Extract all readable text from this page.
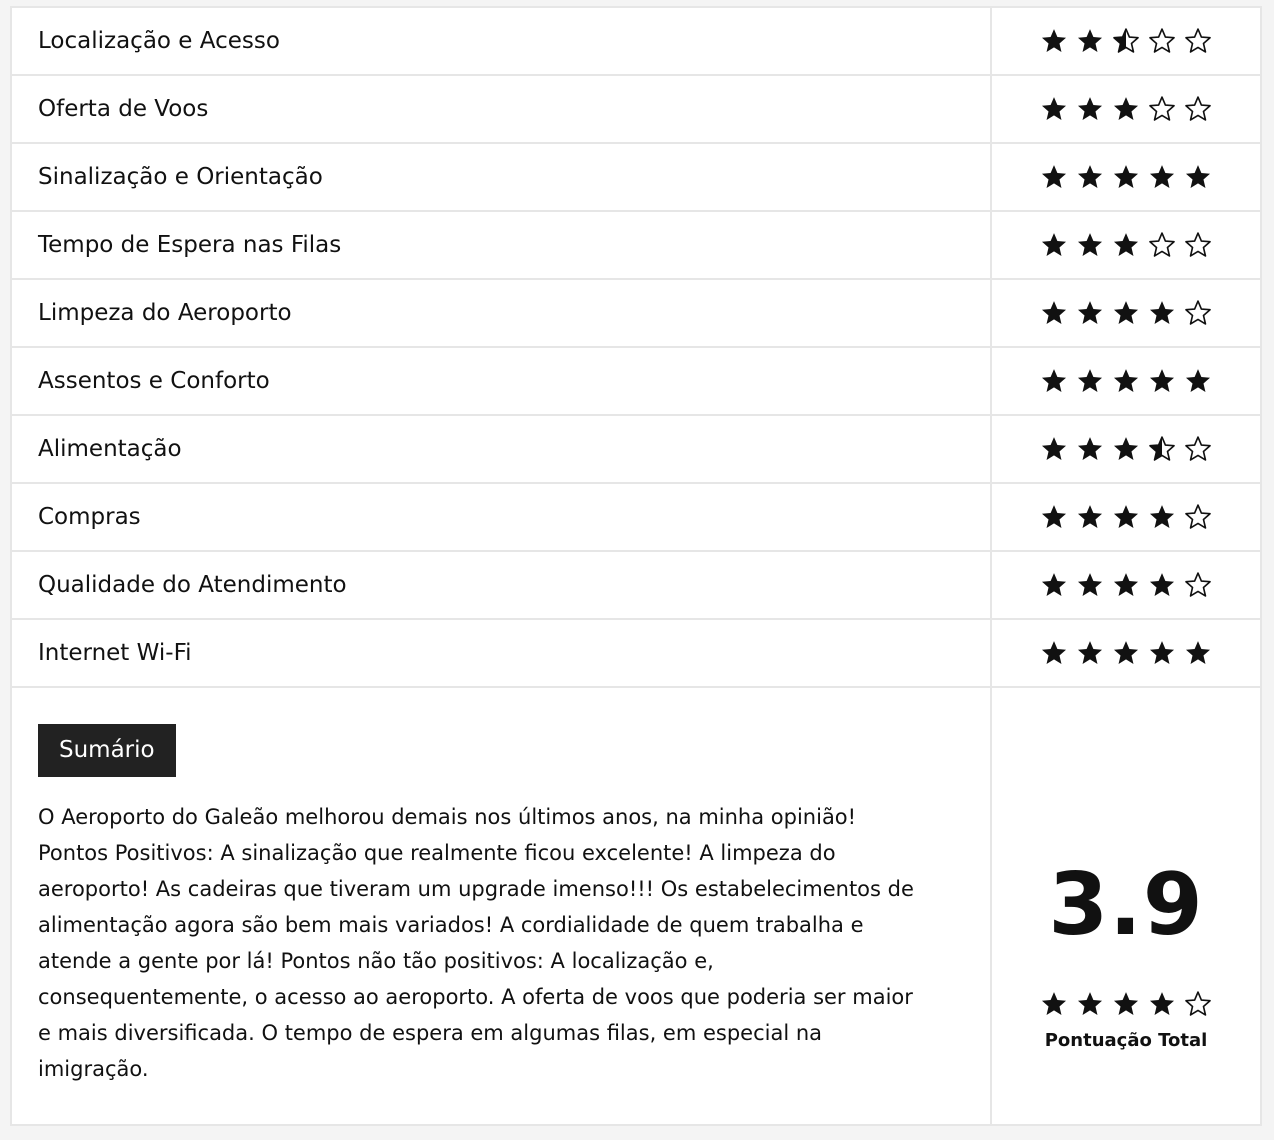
Localização e Acesso
Oferta de Voos
Sinalização e Orientação
Tempo de Espera nas Filas
Limpeza do Aeroporto
Assentos e Conforto
Alimentação
Compras
Qualidade do Atendimento
Internet Wi-Fi
Sumário
O Aeroporto do Galeão melhorou demais nos últimos anos, na minha opinião! Pontos Positivos: A sinalização que realmente ficou excelente! A limpeza do aeroporto! As cadeiras que tiveram um upgrade imenso!!! Os estabelecimentos de alimentação agora são bem mais variados! A cordialidade de quem trabalha e atende a gente por lá! Pontos não tão positivos: A localização e, consequentemente, o acesso ao aeroporto. A oferta de voos que poderia ser maior e mais diversificada. O tempo de espera em algumas filas, em especial na imigração.
3.9
Pontuação Total
